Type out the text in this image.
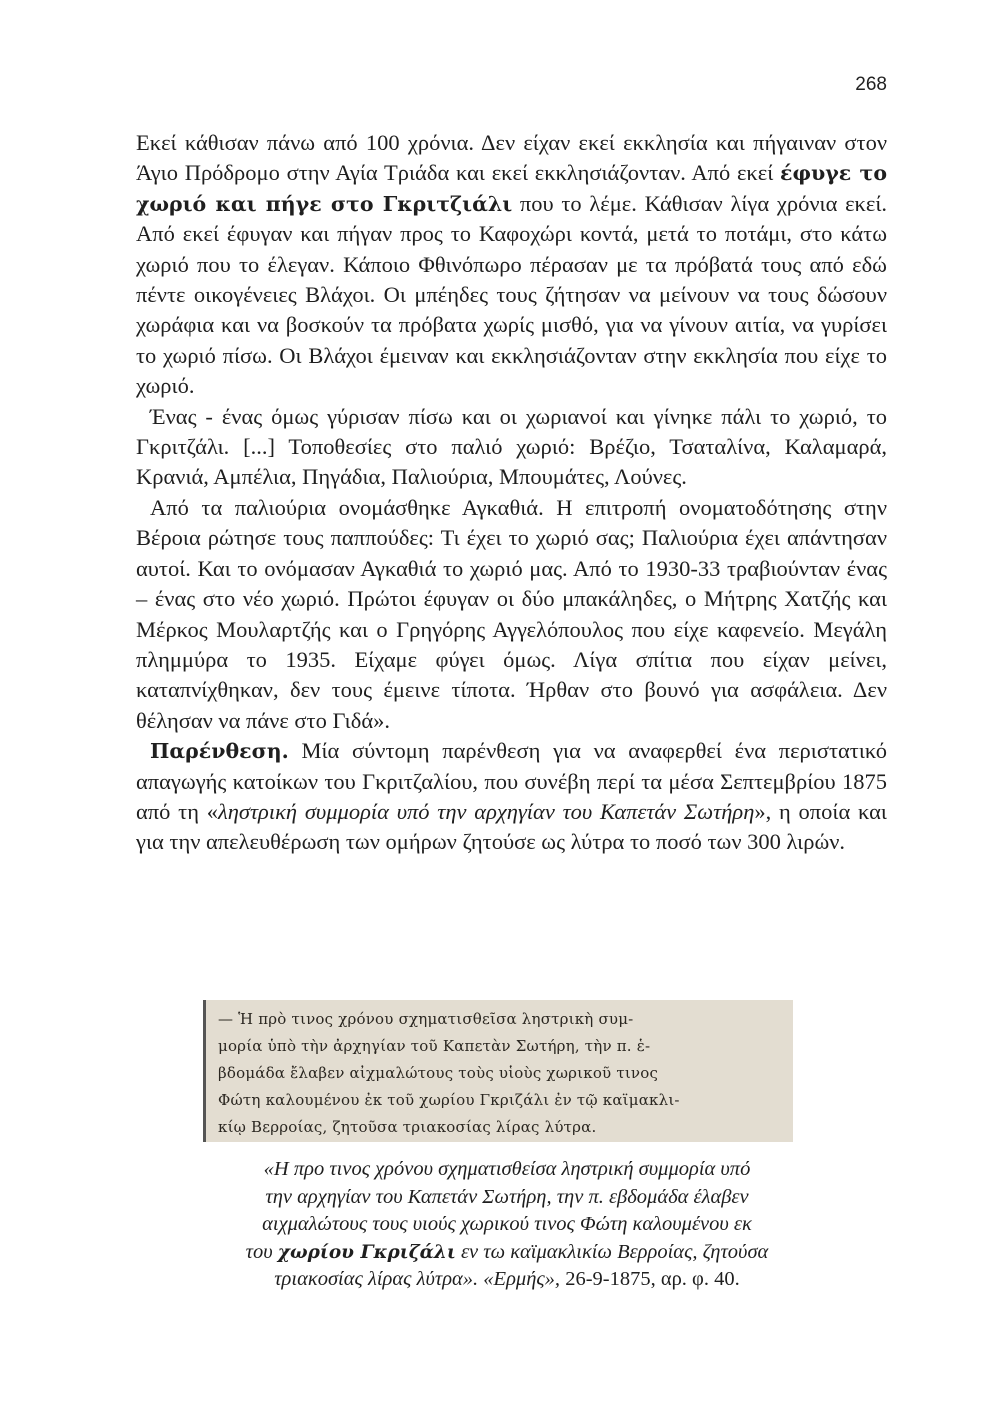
268

Εκεί κάθισαν πάνω από 100 χρόνια. Δεν είχαν εκεί εκκλησία και πήγαιναν στον Άγιο Πρόδρομο στην Αγία Τριάδα και εκεί εκκλησιάζονταν. Από εκεί έφυγε το χωριό και πήγε στο Γκριτζιάλι που το λέμε. Κάθισαν λίγα χρόνια εκεί. Από εκεί έφυγαν και πήγαν προς το Καφοχώρι κοντά, μετά το ποτάμι, στο κάτω χωριό που το έλεγαν. Κάποιο Φθινόπωρο πέρασαν με τα πρόβατά τους από εδώ πέντε οικογένειες Βλάχοι. Οι μπέηδες τους ζήτησαν να μείνουν να τους δώσουν χωράφια και να βοσκούν τα πρόβατα χωρίς μισθό, για να γίνουν αιτία, να γυρίσει το χωριό πίσω. Οι Βλάχοι έμειναν και εκκλησιάζονταν στην εκκλησία που είχε το χωριό.

Ένας - ένας όμως γύρισαν πίσω και οι χωριανοί και γίνηκε πάλι το χωριό, το Γκριτζάλι. [...] Τοποθεσίες στο παλιό χωριό: Βρέζιο, Τσαταλίνα, Καλαμαρά, Κρανιά, Αμπέλια, Πηγάδια, Παλιούρια, Μπουμάτες, Λούνες.

Από τα παλιούρια ονομάσθηκε Αγκαθιά. Η επιτροπή ονοματοδότησης στην Βέροια ρώτησε τους παππούδες: Τι έχει το χωριό σας; Παλιούρια έχει απάντησαν αυτοί. Και το ονόμασαν Αγκαθιά το χωριό μας. Από το 1930-33 τραβιούνταν ένας – ένας στο νέο χωριό. Πρώτοι έφυγαν οι δύο μπακάληδες, ο Μήτρης Χατζής και Μέρκος Μουλαρτζής και ο Γρηγόρης Αγγελόπουλος που είχε καφενείο. Μεγάλη πλημμύρα το 1935. Είχαμε φύγει όμως. Λίγα σπίτια που είχαν μείνει, καταπνίχθηκαν, δεν τους έμεινε τίποτα. Ήρθαν στο βουνό για ασφάλεια. Δεν θέλησαν να πάνε στο Γιδά».

Παρένθεση. Μία σύντομη παρένθεση για να αναφερθεί ένα περιστατικό απαγωγής κατοίκων του Γκριτζαλίου, που συνέβη περί τα μέσα Σεπτεμβρίου 1875 από τη «ληστρική συμμορία υπό την αρχηγίαν του Καπετάν Σωτήρη», η οποία και για την απελευθέρωση των ομήρων ζητούσε ως λύτρα το ποσό των 300 λιρών.

— Ἡ πρὸ τινος χρόνου σχηματισθεῖσα ληστρικὴ συμ-
μορία ὑπὸ τὴν ἀρχηγίαν τοῦ Καπετὰν Σωτήρη, τὴν π. ἑ-
βδομάδα ἔλαβεν αἰχμαλώτους τοὺς υἱοὺς χωρικοῦ τινος
Φώτη καλουμένου ἐκ τοῦ χωρίου Γκριζάλι ἐν τῷ καϊμακλι-
κίῳ Βερροίας, ζητοῦσα τριακοσίας λίρας λύτρα.
«Η προ τινος χρόνου σχηματισθείσα ληστρική συμμορία υπό
την αρχηγίαν του Καπετάν Σωτήρη, την π. εβδομάδα έλαβεν
αιχμαλώτους τους υιούς χωρικού τινος Φώτη καλουμένου εκ
του χωρίου Γκριζάλι εν τω καϊμακλικίω Βερροίας, ζητούσα
τριακοσίας λίρας λύτρα». «Ερμής», 26-9-1875, αρ. φ. 40.
